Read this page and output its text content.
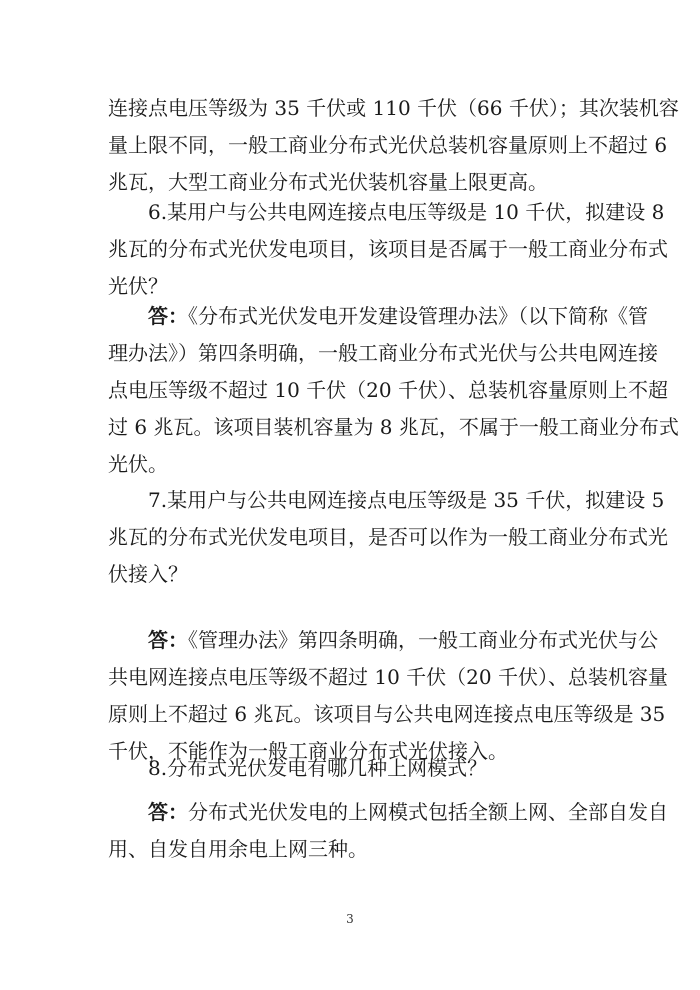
连接点电压等级为 35 千伏或 110 千伏（66 千伏）；其次装机容
量上限不同，一般工商业分布式光伏总装机容量原则上不超过 6
兆瓦，大型工商业分布式光伏装机容量上限更高。
6.某用户与公共电网连接点电压等级是 10 千伏，拟建设 8
兆瓦的分布式光伏发电项目，该项目是否属于一般工商业分布式
光伏？
答：《分布式光伏发电开发建设管理办法》（以下简称《管
理办法》）第四条明确，一般工商业分布式光伏与公共电网连接
点电压等级不超过 10 千伏（20 千伏）、总装机容量原则上不超
过 6 兆瓦。该项目装机容量为 8 兆瓦，不属于一般工商业分布式
光伏。
7.某用户与公共电网连接点电压等级是 35 千伏，拟建设 5
兆瓦的分布式光伏发电项目，是否可以作为一般工商业分布式光
伏接入？
答：《管理办法》第四条明确，一般工商业分布式光伏与公
共电网连接点电压等级不超过 10 千伏（20 千伏）、总装机容量
原则上不超过 6 兆瓦。该项目与公共电网连接点电压等级是 35
千伏，不能作为一般工商业分布式光伏接入。
8.分布式光伏发电有哪几种上网模式？
答：分布式光伏发电的上网模式包括全额上网、全部自发自
用、自发自用余电上网三种。
3
